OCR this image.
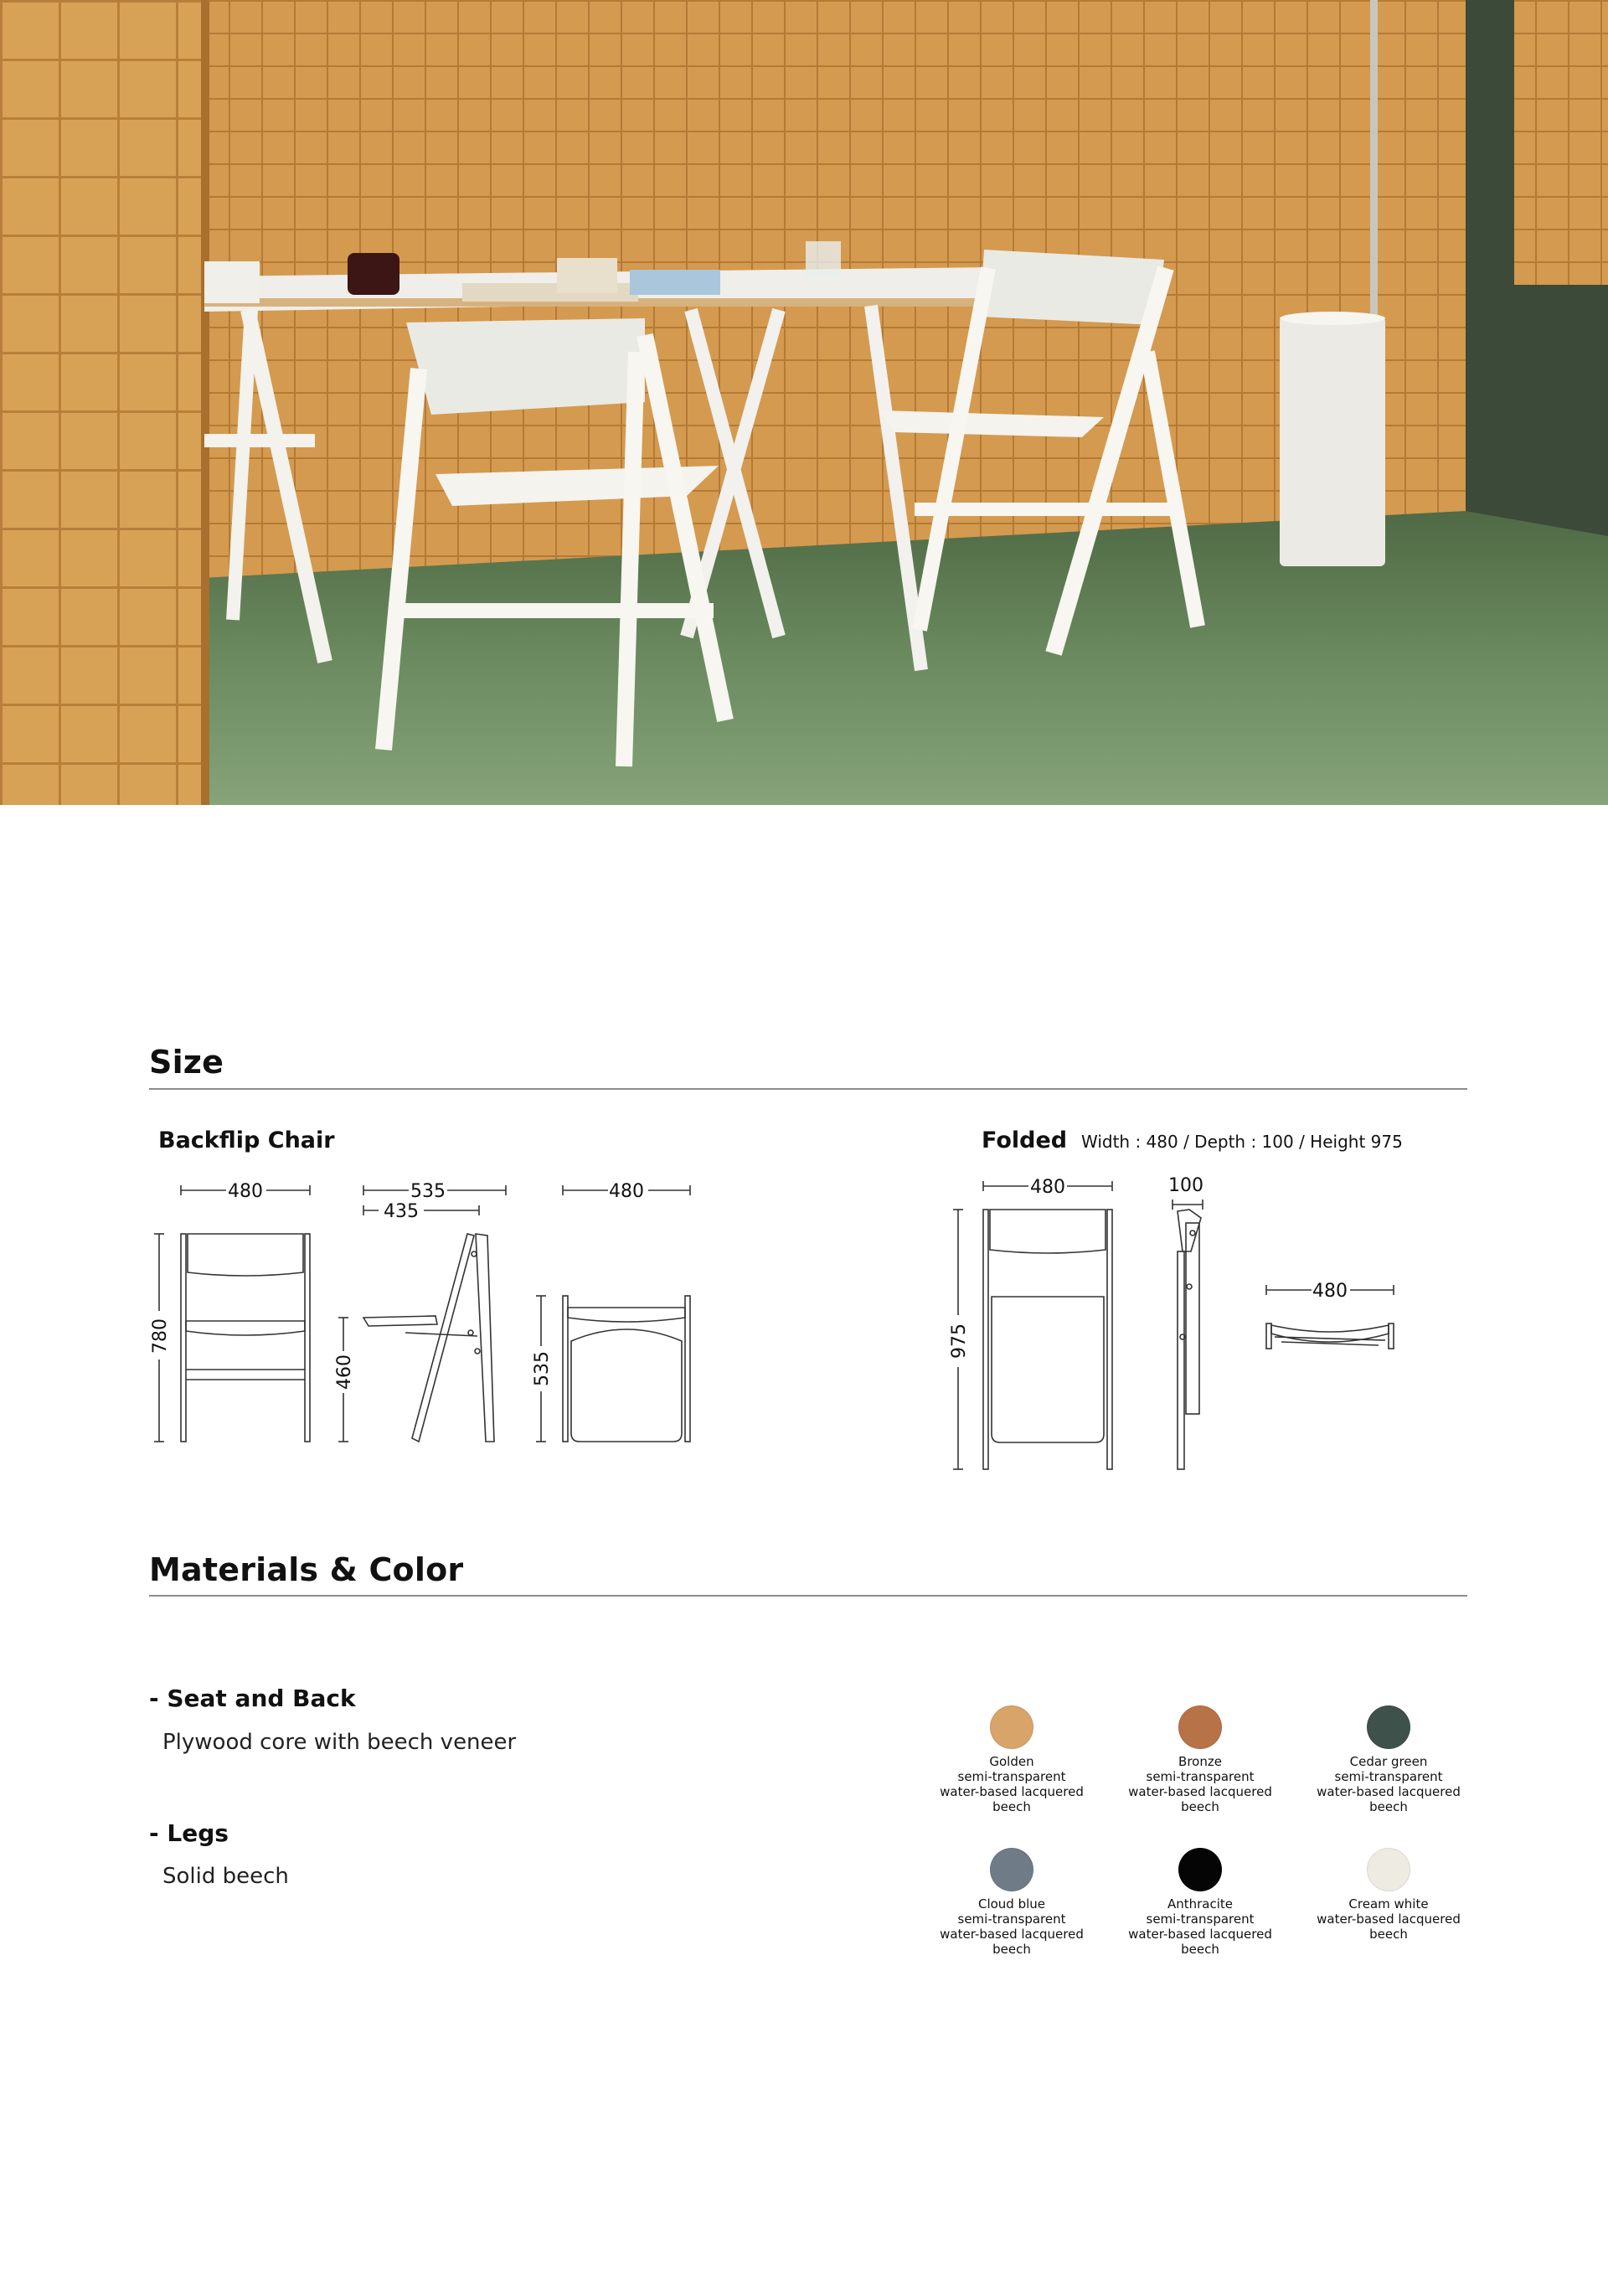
Size
Backflip Chair	Folded Width : 480 / Depth : 100 / Height 975
480
780
535
435
460
480
535
480
975
100
480
Materials & Color
- Seat and Back
Plywood core with beech veneer
- Legs
Solid beech
Golden
semi-transparent
water-based lacquered
beech
Bronze
semi-transparent
water-based lacquered
beech
Cedar green
semi-transparent
water-based lacquered
beech
Cloud blue
semi-transparent
water-based lacquered
beech
Anthracite
semi-transparent
water-based lacquered
beech
Cream white
water-based lacquered
beech
